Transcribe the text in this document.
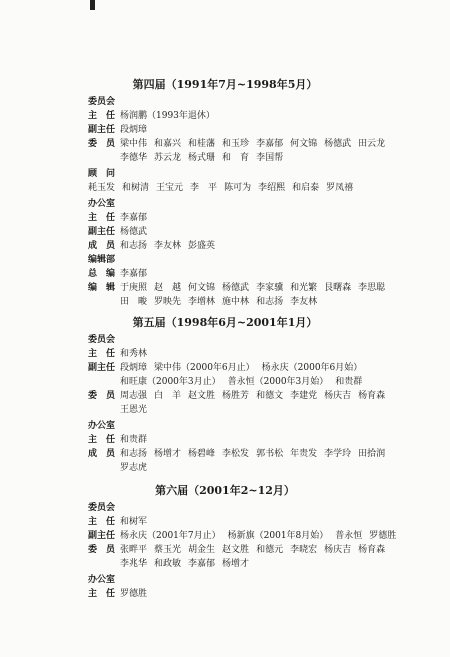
第四届（1991年7月~1998年5月）
委员会
主　任 杨润鹏（1993年退休）
副主任 段炳璋
委　员 梁中伟 和嘉兴 和桂藩 和玉珍 李嘉郁 何文锦 杨德武 田云龙
李德华 苏云龙 杨式珊 和　育 李国帮
顾　问
耗玉发 和树清 王宝元 李　平 陈可为 李绍熙 和启泰 罗凤禧
办公室
主　任 李嘉郁
副主任 杨德武
成　员 和志扬 李友林 彭盛英
编辑部
总　编 李嘉郁
编　辑 于庚照 赵　越 何文锦 杨德武 李家骥 和光繁 艮曙森 李思聪
田　畯 罗映先 李增林 施中林 和志扬 李友林
第五届（1998年6月~2001年1月）
委员会
主　任 和秀林
副主任 段炳璋 梁中伟（2000年6月止） 杨永庆（2000年6月始）
和旺康（2000年3月止） 普永恒（2000年3月始） 和贵群
委　员 周志强 白　羊 赵文胜 杨胜芳 和德文 李建党 杨庆吉 杨育森
王恩光
办公室
主　任 和贵群
成　员 和志扬 杨增才 杨碧峰 李松发 郭书松 年贵发 李学玲 田拾润
罗志虎
第六届（2001年2~12月）
委员会
主　任 和树军
副主任 杨永庆（2001年7月止） 杨新旗（2001年8月始） 普永恒 罗德胜
委　员 张畔平 蔡玉光 胡金生 赵文胜 和德元 李晓宏 杨庆吉 杨育森
李兆华 和政敏 李嘉郁 杨增才
办公室
主　任 罗德胜
